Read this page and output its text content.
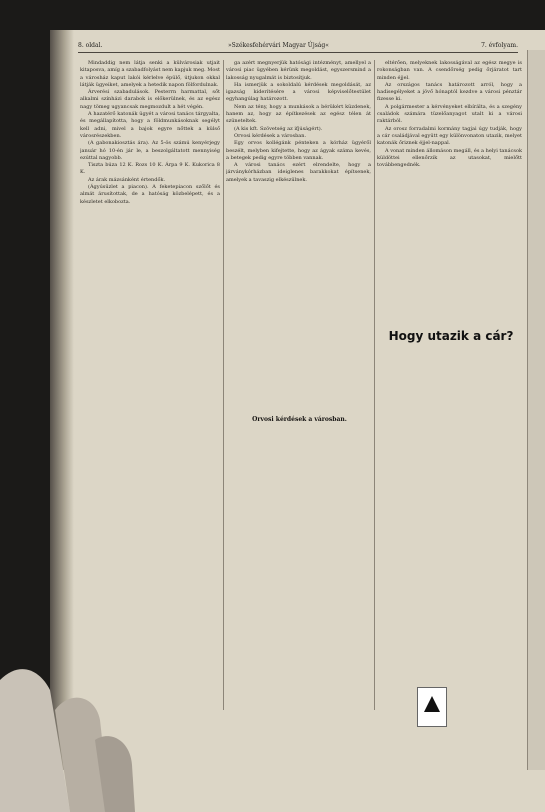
8. oldal.	»Székesfehérvári Magyar Újság«	7. évfolyam.

Mindaddig nem látja senki a külvárosiak utjait kitaposva, amíg a szabadfolyást nem kapjuk meg. Most a városház kaput lakói kérlelve épülő, útjukon okkal látják ügyeiket, amelyek a hetedik napon fölfordulnak.

Árverési szabadulások. Pesterrn harmattal, sőt alkalmi színházi darabok is előkerülnek, és az egész nagy tömeg ugyancsak megmozdult a hét végén.

A hazatérő katonák ügyét a városi tanács tárgyalta, és megállapította, hogy a földmunkásoknak segélyt kell adni, mivel a bajok egyre nőttek a külső városrészekben.

(A gabonakiosztás ára). Az 5-ös számú kenyérjegy január hó 10-én jár le, a beszolgáltatott mennyiség ezúttal nagyobb.

Tiszta búza 12 K. Rozs 10 K. Árpa 9 K. Kukorica 8 K.

Az árak mázsánként értendők.

(Ágyúsüzlet a piacon). A feketepiacon szőlőt és almát árusítottak, de a hatóság közbelépett, és a készletet elkobozta.

ga azért megnyerjük hatósági intézményt, amellyel a városi piac ügyében kérünk megoldást, egyszersmind a lakosság nyugalmát is biztosítjuk.

Ha ismerjük a sokoldalú kérdések megoldását, az igazság kiderítésére a városi képviselőtestület egyhangúlag határozott.

Nem az tény, hogy a munkások a bérükért küzdenek, hanem az, hogy az építkezések az egész télen át szüneteltek.

(A kis kft. Szövetség az ifjúságért).

Orvosi kérdések a városban.

Egy orvos kollégánk pénteken a kórház ügyéről beszélt, melyben kifejtette, hogy az ágyak száma kevés, a betegek pedig egyre többen vannak.

A városi tanács ezért elrendelte, hogy a járványkórházban ideiglenes barakkokat építsenek, amelyek a tavaszig elkészülnek.

eltérően, melyeknek lakosságával az egész megye is rokonságban van. A csendőrség pedig őrjáratot tart minden éjjel.

Az országos tanács határozott arról, hogy a hadisegélyeket a jövő hónaptól kezdve a városi pénztár fizesse ki.

A polgármester a kérvényeket elbírálta, és a szegény családok számára tüzelőanyagot utalt ki a városi raktárból.

Az orosz forradalmi kormány tagjai úgy tudják, hogy a cár családjával együtt egy különvonaton utazik, melyet katonák őriznek éjjel-nappal.

A vonat minden állomáson megáll, és a helyi tanácsok küldöttei ellenőrzik az utasokat, mielőtt továbbengednék.

Hogy utazik a cár?
Orvosi kérdések a városban.
